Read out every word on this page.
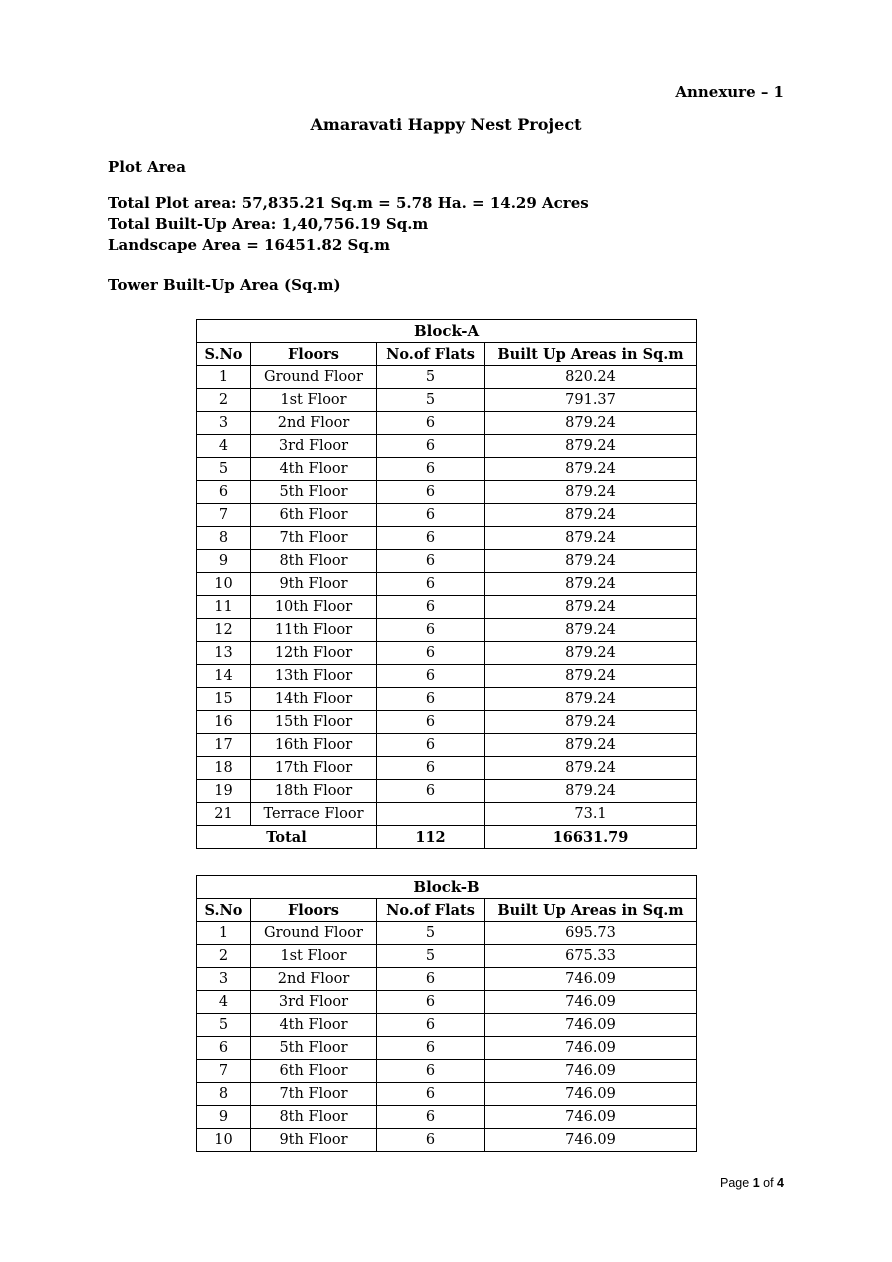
Annexure – 1
Amaravati Happy Nest Project
Plot Area
Total Plot area: 57,835.21 Sq.m = 5.78 Ha. = 14.29 Acres
Total Built-Up Area: 1,40,756.19 Sq.m
Landscape Area = 16451.82 Sq.m
Tower Built-Up Area (Sq.m)
Block-A			
S.No	Floors	No.of Flats	Built Up Areas in Sq.m
1	Ground Floor	5	820.24
2	1st Floor	5	791.37
3	2nd Floor	6	879.24
4	3rd Floor	6	879.24
5	4th Floor	6	879.24
6	5th Floor	6	879.24
7	6th Floor	6	879.24
8	7th Floor	6	879.24
9	8th Floor	6	879.24
10	9th Floor	6	879.24
11	10th Floor	6	879.24
12	11th Floor	6	879.24
13	12th Floor	6	879.24
14	13th Floor	6	879.24
15	14th Floor	6	879.24
16	15th Floor	6	879.24
17	16th Floor	6	879.24
18	17th Floor	6	879.24
19	18th Floor	6	879.24
21	Terrace Floor		73.1
Total		112	16631.79
Block-B			
S.No	Floors	No.of Flats	Built Up Areas in Sq.m
1	Ground Floor	5	695.73
2	1st Floor	5	675.33
3	2nd Floor	6	746.09
4	3rd Floor	6	746.09
5	4th Floor	6	746.09
6	5th Floor	6	746.09
7	6th Floor	6	746.09
8	7th Floor	6	746.09
9	8th Floor	6	746.09
10	9th Floor	6	746.09
Page 1 of 4
